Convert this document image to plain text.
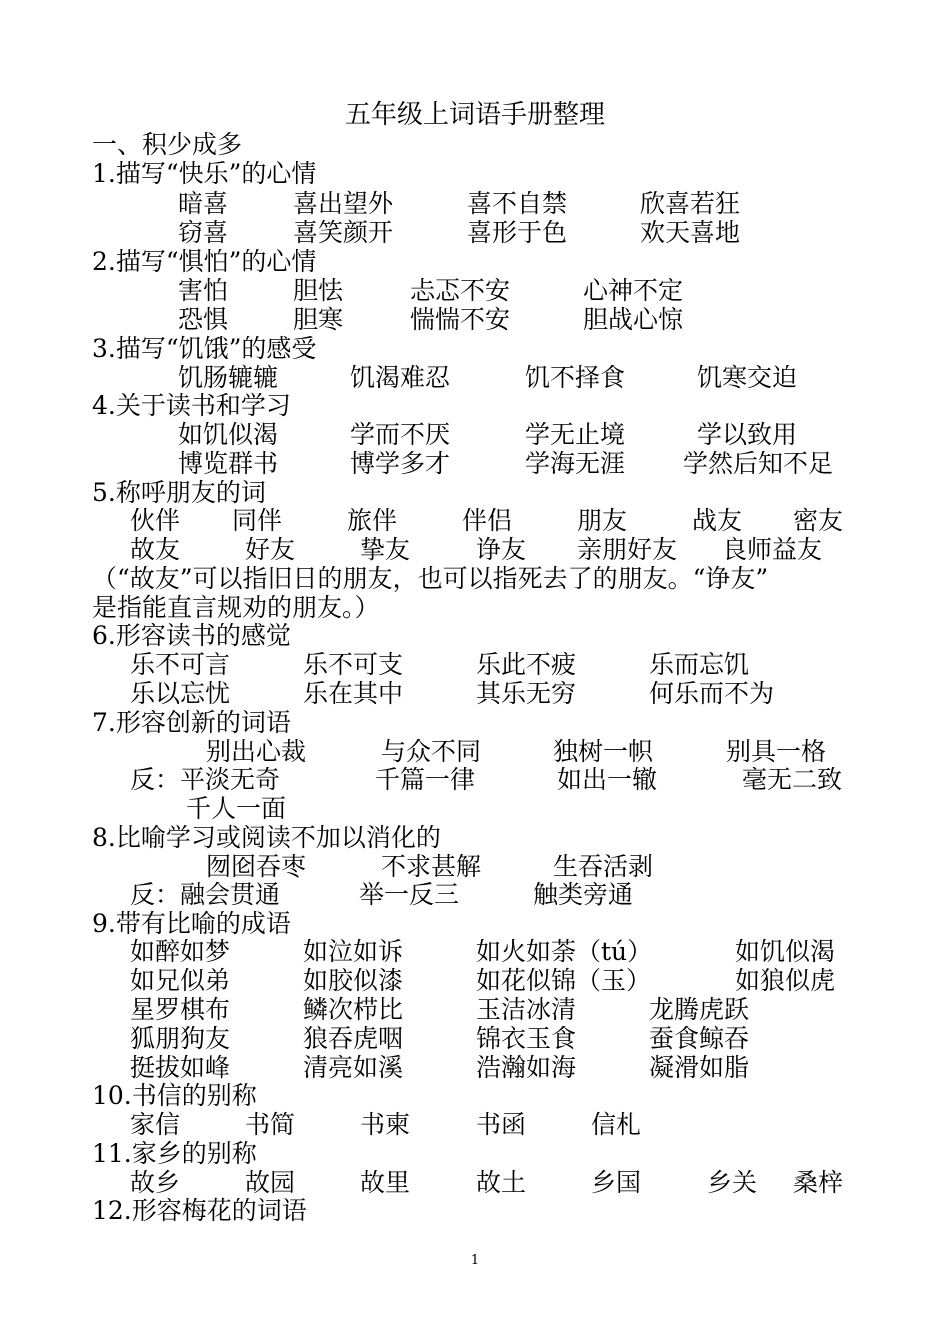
五年级上词语手册整理
一、积少成多
1.描写“快乐”的心情
暗喜	喜出望外	喜不自禁	欣喜若狂
窃喜	喜笑颜开	喜形于色	欢天喜地
2.描写“惧怕”的心情
害怕	胆怯	忐忑不安	心神不定
恐惧	胆寒	惴惴不安	胆战心惊
3.描写“饥饿”的感受
饥肠辘辘	饥渴难忍	饥不择食	饥寒交迫
4.关于读书和学习
如饥似渴	学而不厌	学无止境	学以致用
博览群书	博学多才	学海无涯 学然后知不足
5.称呼朋友的词
伙伴 同伴	旅伴	伴侣	朋友	战友 密友
故友	好友	挚友	诤友 亲朋好友 良师益友
（“故友”可以指旧日的朋友，也可以指死去了的朋友。“诤友”
是指能直言规劝的朋友。）
6.形容读书的感觉
乐不可言	乐不可支	乐此不疲	乐而忘饥
乐以忘忧	乐在其中	其乐无穷	何乐而不为
7.形容创新的词语
别出心裁	与众不同	独树一帜	别具一格
反：平淡无奇	千篇一律	如出一辙	毫无二致
千人一面
8.比喻学习或阅读不加以消化的
囫囵吞枣	不求甚解	生吞活剥
反：融会贯通	举一反三	触类旁通
9.带有比喻的成语
如醉如梦	如泣如诉	如火如荼（tú）	如饥似渴
如兄似弟	如胶似漆	如花似锦（玉）	如狼似虎
星罗棋布	鳞次栉比	玉洁冰清	龙腾虎跃
狐朋狗友	狼吞虎咽	锦衣玉食	蚕食鲸吞
挺拔如峰	清亮如溪	浩瀚如海	凝滑如脂
10.书信的别称
家信	书简	书柬	书函	信札
11.家乡的别称
故乡	故园	故里	故土	乡国	乡关 桑梓
12.形容梅花的词语
1
